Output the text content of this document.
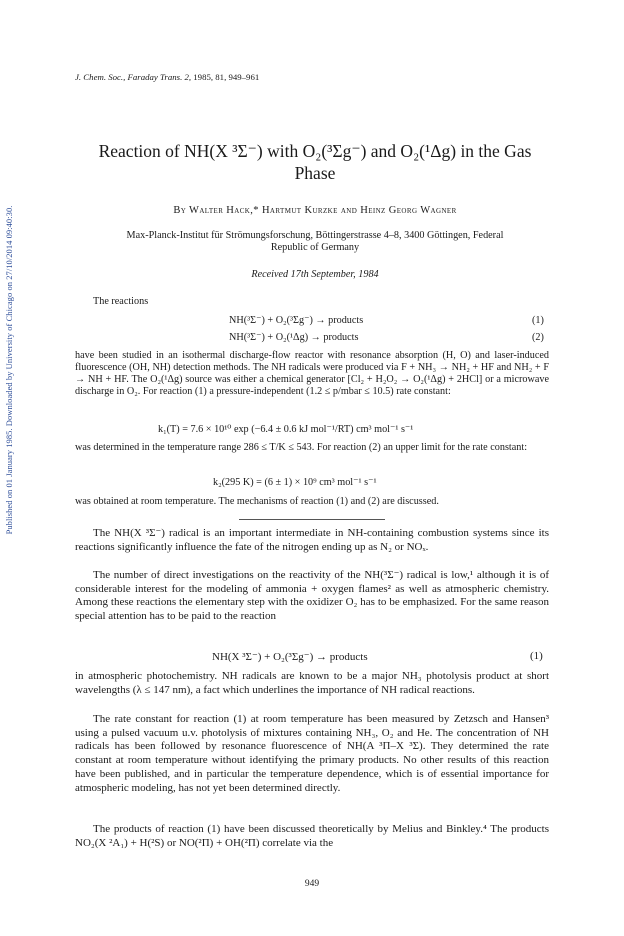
Published on 01 January 1985. Downloaded by University of Chicago on 27/10/2014 09:40:30.
J. Chem. Soc., Faraday Trans. 2, 1985, 81, 949–961
Reaction of NH(X ³Σ⁻) with O₂(³Σg⁻) and O₂(¹Δg) in the Gas
Phase
By Walter Hack,* Hartmut Kurzke and Heinz Georg Wagner
Max-Planck-Institut für Strömungsforschung, Böttingerstrasse 4–8, 3400 Göttingen, Federal
Republic of Germany
Received 17th September, 1984
The reactions
NH(³Σ⁻) + O₂(³Σg⁻) → products	(1)
NH(³Σ⁻) + O₂(¹Δg) → products	(2)
have been studied in an isothermal discharge-flow reactor with resonance absorption (H, O) and laser-induced fluorescence (OH, NH) detection methods. The NH radicals were produced via F + NH₃ → NH₂ + HF and NH₂ + F → NH + HF. The O₂(¹Δg) source was either a chemical generator [Cl₂ + H₂O₂ → O₂(¹Δg) + 2HCl] or a microwave discharge in O₂. For reaction (1) a pressure-independent (1.2 ≤ p/mbar ≤ 10.5) rate constant:
k₁(T) = 7.6 × 10¹⁰ exp (−6.4 ± 0.6 kJ mol⁻¹/RT) cm³ mol⁻¹ s⁻¹
was determined in the temperature range 286 ≤ T/K ≤ 543. For reaction (2) an upper limit for the rate constant:
k₂(295 K) = (6 ± 1) × 10⁹ cm³ mol⁻¹ s⁻¹
was obtained at room temperature. The mechanisms of reaction (1) and (2) are discussed.
The NH(X ³Σ⁻) radical is an important intermediate in NH-containing combustion systems since its reactions significantly influence the fate of the nitrogen ending up as N₂ or NOₓ.
The number of direct investigations on the reactivity of the NH(³Σ⁻) radical is low,¹ although it is of considerable interest for the modeling of ammonia + oxygen flames² as well as atmospheric chemistry. Among these reactions the elementary step with the oxidizer O₂ has to be emphasized. For the same reason special attention has to be paid to the reaction
NH(X ³Σ⁻) + O₂(³Σg⁻) → products	(1)
in atmospheric photochemistry. NH radicals are known to be a major NH₃ photolysis product at short wavelengths (λ ≤ 147 nm), a fact which underlines the importance of NH radical reactions.
The rate constant for reaction (1) at room temperature has been measured by Zetzsch and Hansen³ using a pulsed vacuum u.v. photolysis of mixtures containing NH₃, O₂ and He. The concentration of NH radicals has been followed by resonance fluorescence of NH(A ³Π–X ³Σ). They determined the rate constant at room temperature without identifying the primary products. No other results of this reaction have been published, and in particular the temperature dependence, which is of essential importance for atmospheric modeling, has not yet been determined directly.
The products of reaction (1) have been discussed theoretically by Melius and Binkley.⁴ The products NO₂(X ²A₁) + H(²S) or NO(²Π) + OH(²Π) correlate via the
949
